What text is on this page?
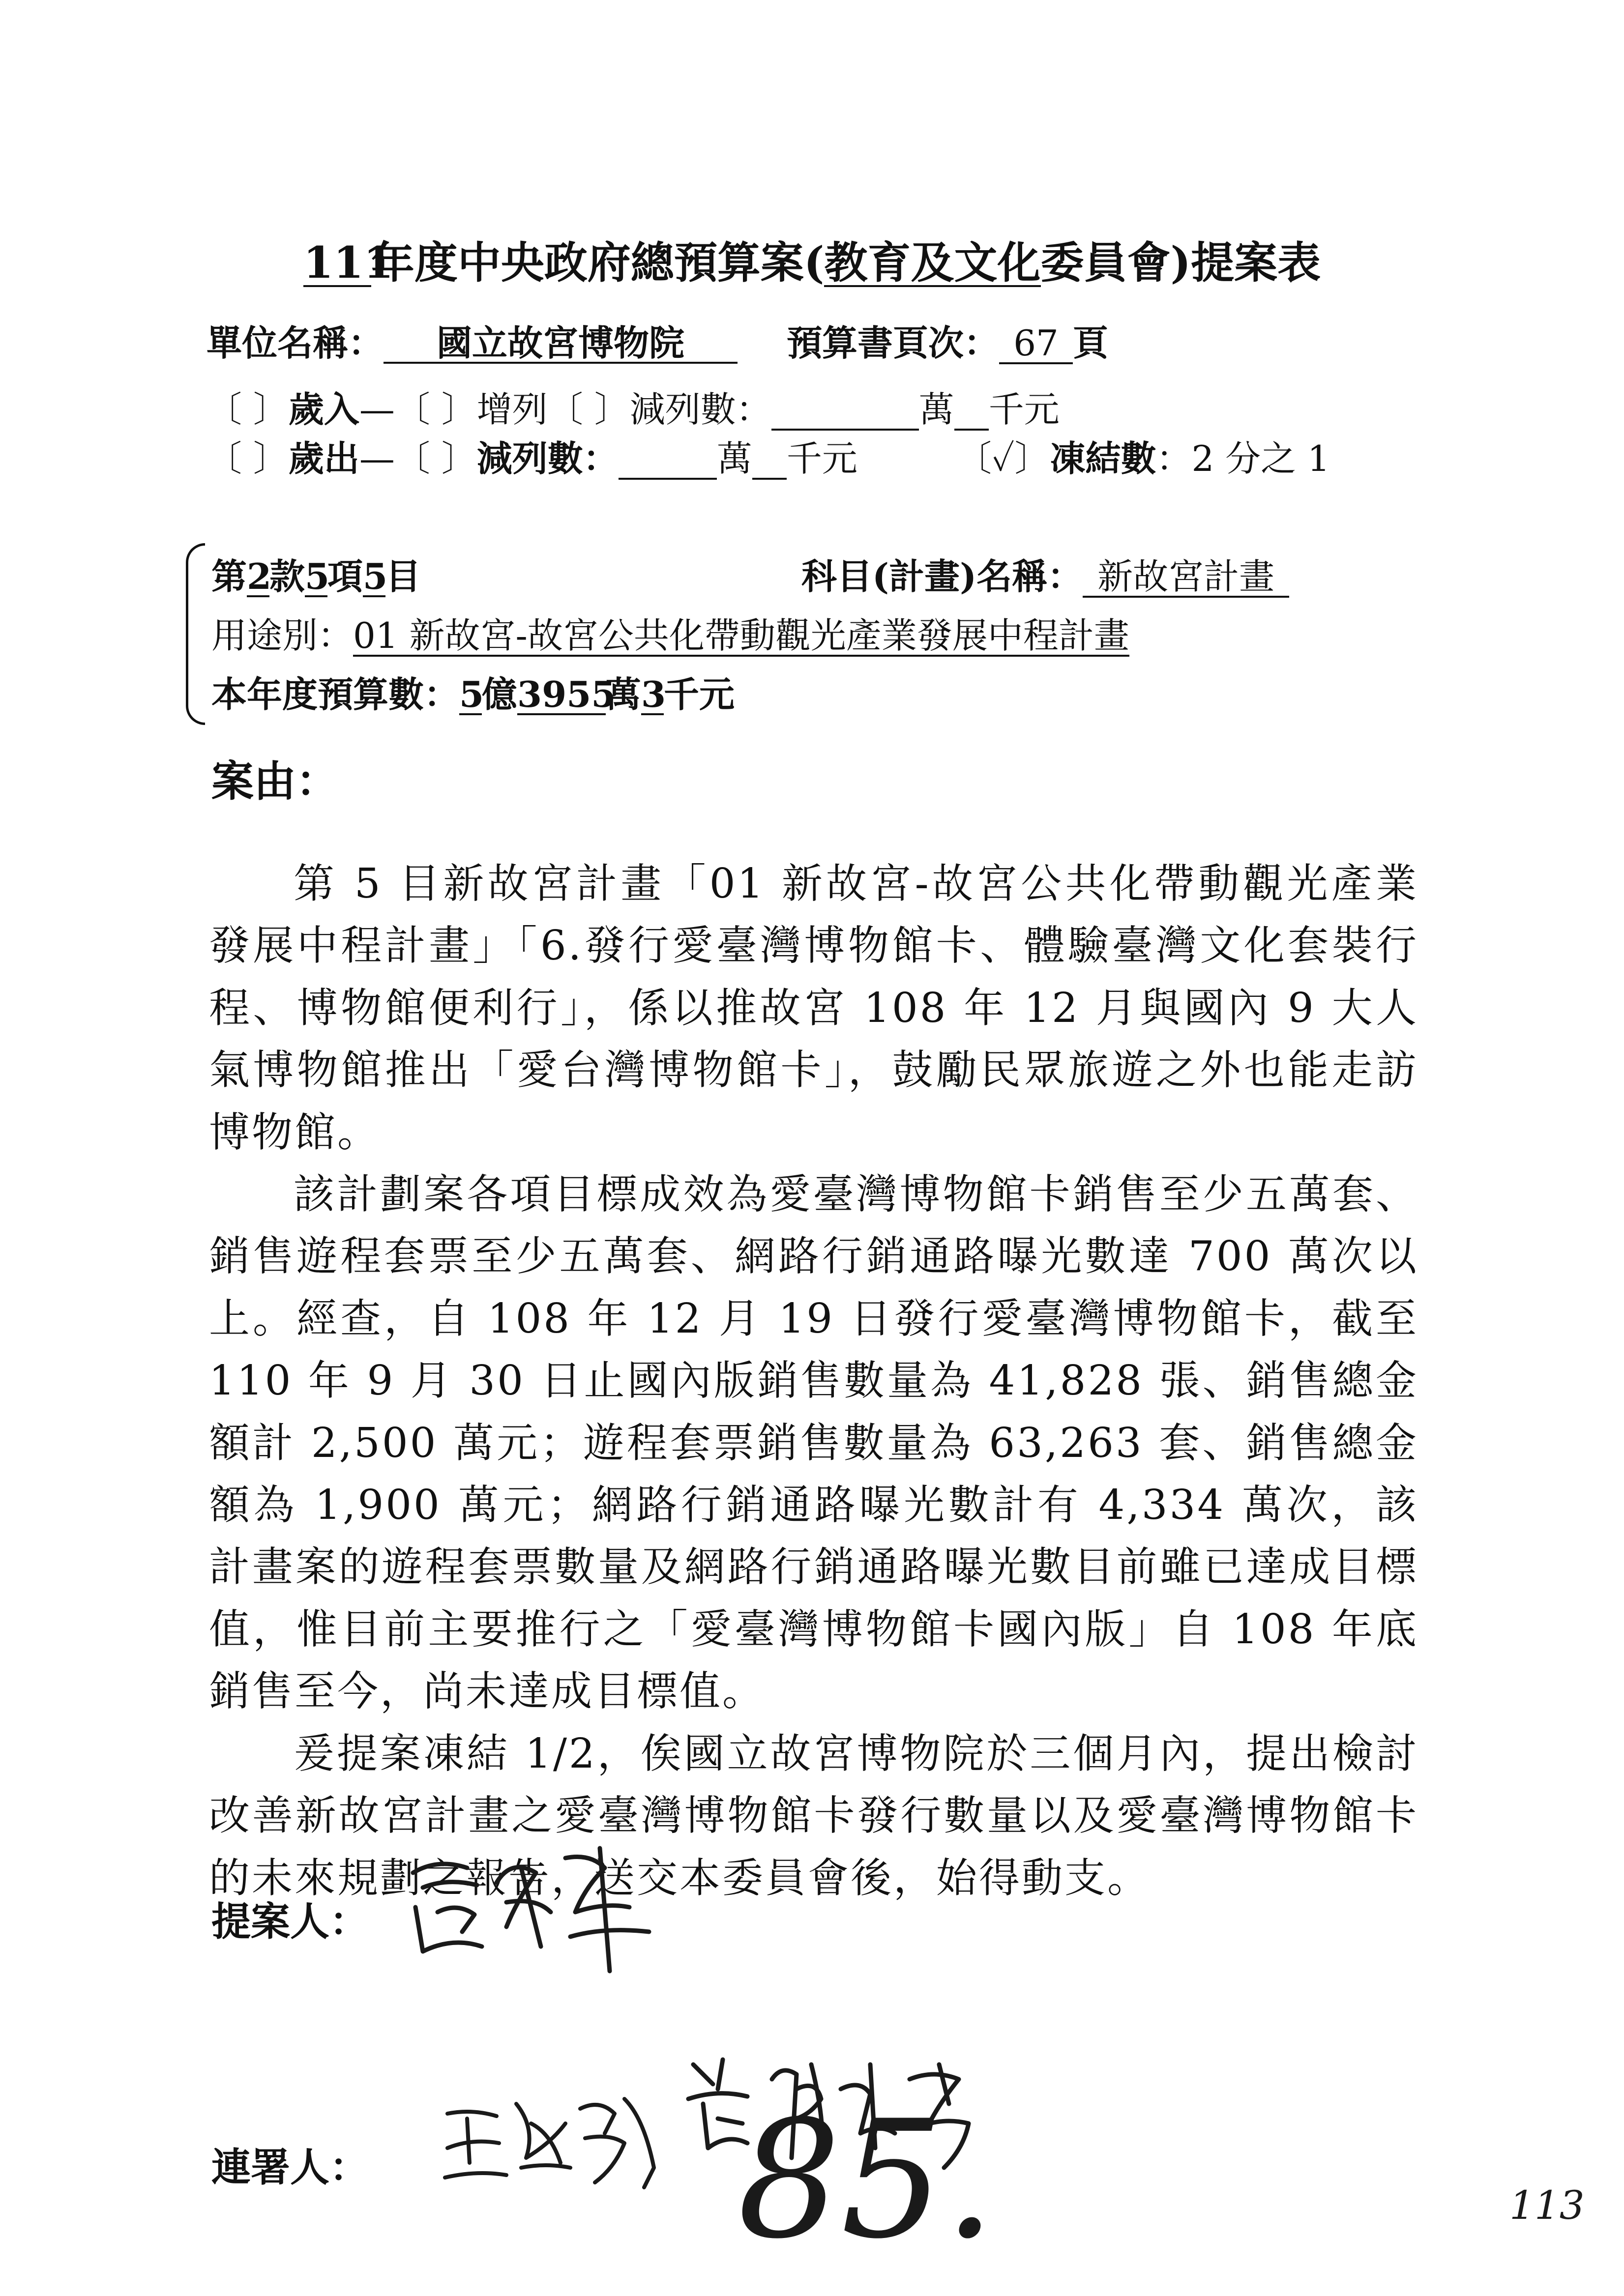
111年度中央政府總預算案(教育及文化委員會)提案表
單位名稱： 國立故宮博物院	預算書頁次： 67 頁
〔 〕歲入—〔 〕增列〔 〕減列數：	萬 千元
〔 〕歲出—〔 〕減列數：	萬 千元	〔✓〕凍結數：2 分之 1
第2款5項5目	科目(計畫)名稱： 新故宮計畫
用途別：01 新故宮-故宮公共化帶動觀光產業發展中程計畫
本年度預算數：5億3955萬3千元
案由：

第 5 目新故宮計畫「01 新故宮-故宮公共化帶動觀光產業發展中程計畫」「6.發行愛臺灣博物館卡、體驗臺灣文化套裝行程、博物館便利行」，係以推故宮 108 年 12 月與國內 9 大人氣博物館推出「愛台灣博物館卡」，鼓勵民眾旅遊之外也能走訪博物館。

該計劃案各項目標成效為愛臺灣博物館卡銷售至少五萬套、銷售遊程套票至少五萬套、網路行銷通路曝光數達 700 萬次以上。經查，自 108 年 12 月 19 日發行愛臺灣博物館卡，截至 110 年 9 月 30 日止國內版銷售數量為 41,828 張、銷售總金額計 2,500 萬元；遊程套票銷售數量為 63,263 套、銷售總金額為 1,900 萬元；網路行銷通路曝光數計有 4,334 萬次，該計畫案的遊程套票數量及網路行銷通路曝光數目前雖已達成目標值，惟目前主要推行之「愛臺灣博物館卡國內版」自 108 年底銷售至今，尚未達成目標值。

爰提案凍結 1/2，俟國立故宮博物院於三個月內，提出檢討改善新故宮計畫之愛臺灣博物館卡發行數量以及愛臺灣博物館卡的未來規劃之報告，送交本委員會後，始得動支。

提案人：
連署人： 85.	113
